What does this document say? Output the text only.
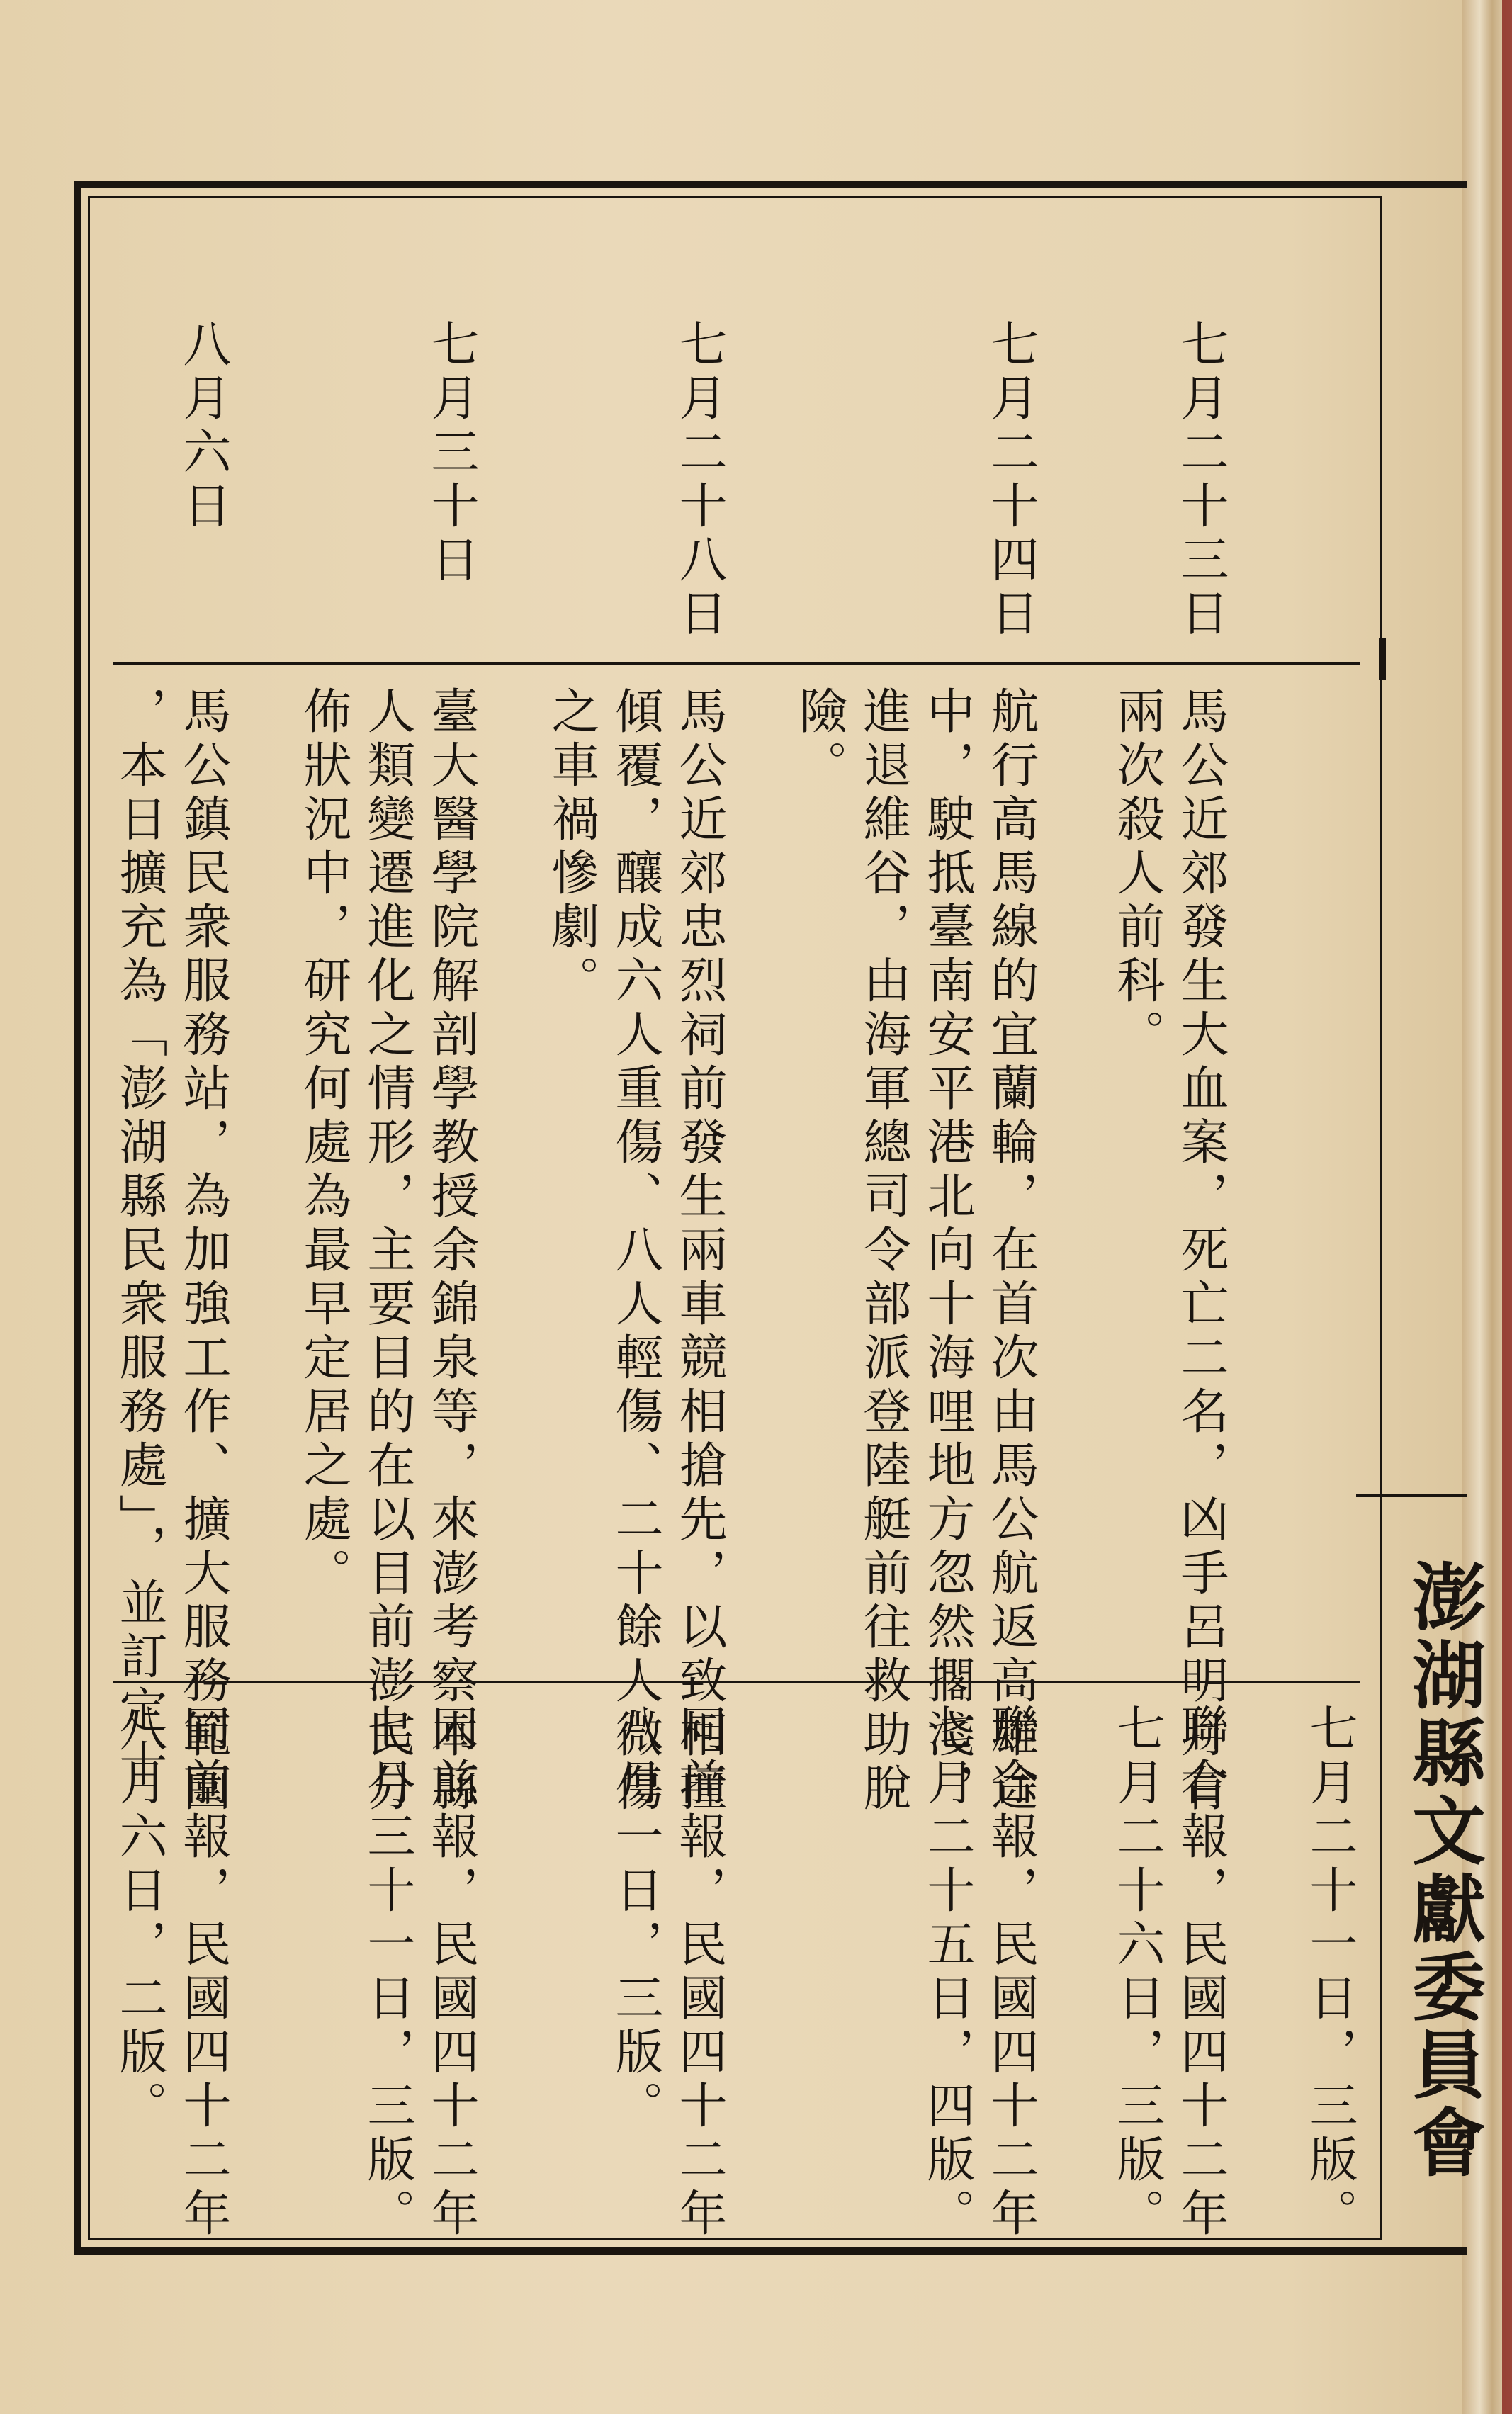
澎湖縣文獻委員會
七月二十一日，三版。
七月二十三日
馬公近郊發生大血案，死亡二名，凶手呂明月有
兩次殺人前科。
聯合報，民國四十二年
七月二十六日，三版。
七月二十四日
航行高馬線的宜蘭輪，在首次由馬公航返高雄途
中，駛抵臺南安平港北向十海哩地方忽然擱淺，
進退維谷，由海軍總司令部派登陸艇前往救助脫
險。
聯合報，民國四十二年
七月二十五日，四版。
七月二十八日
馬公近郊忠烈祠前發生兩車競相搶先，以致相撞
傾覆，釀成六人重傷、八人輕傷、二十餘人微傷
之車禍慘劇。
同前報，民國四十二年
八月一日，三版。
七月三十日
臺大醫學院解剖學教授余錦泉等，來澎考察本縣
人類變遷進化之情形，主要目的在以目前澎民分
佈狀況中，研究何處為最早定居之處。
同前報，民國四十二年
七月三十一日，三版。
八月六日
馬公鎮民衆服務站，為加強工作、擴大服務範圍
，本日擴充為「澎湖縣民衆服務處」，並訂定十
同前報，民國四十二年
八月六日，二版。
